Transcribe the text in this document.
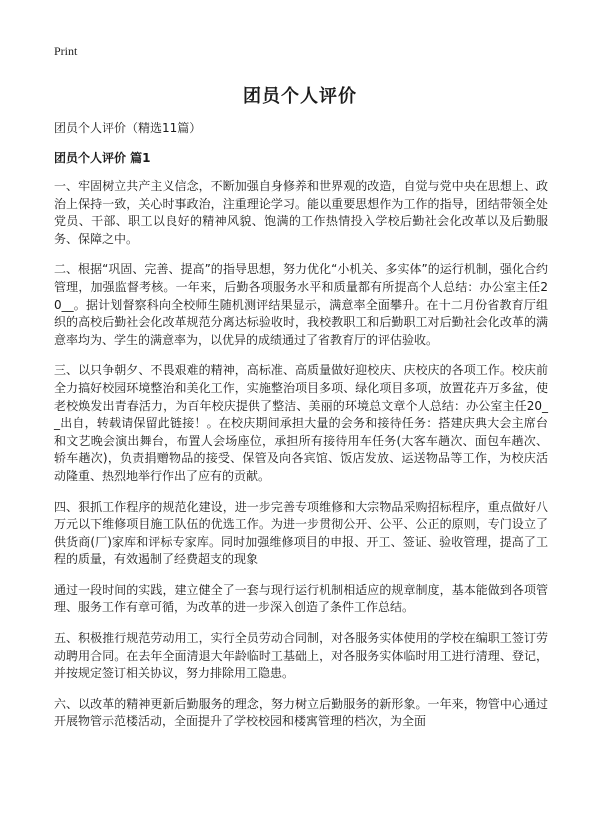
Print
团员个人评价

团员个人评价（精选11篇）

团员个人评价 篇1

一、牢固树立共产主义信念，不断加强自身修养和世界观的改造，自觉与党中央在思想上、政治上保持一致，关心时事政治，注重理论学习。能以重要思想作为工作的指导，团结带领全处党员、干部、职工以良好的精神风貌、饱满的工作热情投入学校后勤社会化改革以及后勤服务、保障之中。

二、根据“巩固、完善、提高”的指导思想，努力优化“小机关、多实体”的运行机制，强化合约管理，加强监督考核。一年来，后勤各项服务水平和质量都有所提高个人总结：办公室主任20__。据计划督察科向全校师生随机测评结果显示，满意率全面攀升。在十二月份省教育厅组织的高校后勤社会化改革规范分离达标验收时，我校教职工和后勤职工对后勤社会化改革的满意率均为、学生的满意率为，以优异的成绩通过了省教育厅的评估验收。

三、以只争朝夕、不畏艰难的精神，高标准、高质量做好迎校庆、庆校庆的各项工作。校庆前全力搞好校园环境整治和美化工作，实施整治项目多项、绿化项目多项，放置花卉万多盆，使老校焕发出青春活力，为百年校庆提供了整洁、美丽的环境总文章个人总结：办公室主任20__出自，转载请保留此链接！。在校庆期间承担大量的会务和接待任务：搭建庆典大会主席台和文艺晚会演出舞台，布置人会场座位，承担所有接待用车任务(大客车趟次、面包车趟次、轿车趟次)，负责捐赠物品的接受、保管及向各宾馆、饭店发放、运送物品等工作，为校庆活动隆重、热烈地举行作出了应有的贡献。

四、狠抓工作程序的规范化建设，进一步完善专项维修和大宗物品采购招标程序，重点做好八万元以下维修项目施工队伍的优选工作。为进一步贯彻公开、公平、公正的原则，专门设立了供货商(厂)家库和评标专家库。同时加强维修项目的申报、开工、签证、验收管理，提高了工程的质量，有效遏制了经费超支的现象

通过一段时间的实践，建立健全了一套与现行运行机制相适应的规章制度，基本能做到各项管理、服务工作有章可循，为改革的进一步深入创造了条件工作总结。

五、积极推行规范劳动用工，实行全员劳动合同制，对各服务实体使用的学校在编职工签订劳动聘用合同。在去年全面清退大年龄临时工基础上，对各服务实体临时用工进行清理、登记，并按规定签订相关协议，努力排除用工隐患。

六、以改革的精神更新后勤服务的理念，努力树立后勤服务的新形象。一年来，物管中心通过开展物管示范楼活动，全面提升了学校校园和楼寓管理的档次，为全面
